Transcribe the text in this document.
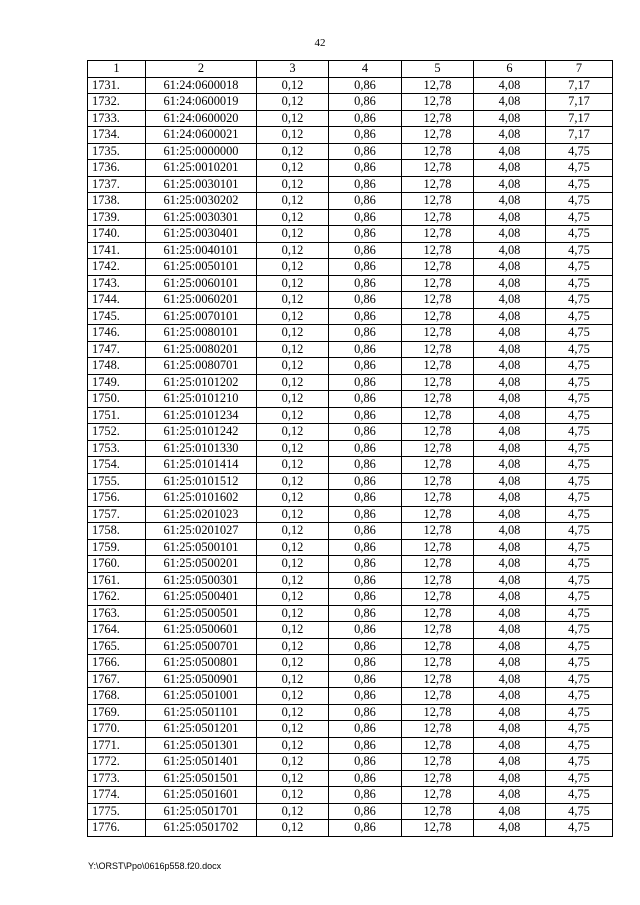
42
1	2	3	4	5	6	7
1731.	61:24:0600018	0,12	0,86	12,78	4,08	7,17
1732.	61:24:0600019	0,12	0,86	12,78	4,08	7,17
1733.	61:24:0600020	0,12	0,86	12,78	4,08	7,17
1734.	61:24:0600021	0,12	0,86	12,78	4,08	7,17
1735.	61:25:0000000	0,12	0,86	12,78	4,08	4,75
1736.	61:25:0010201	0,12	0,86	12,78	4,08	4,75
1737.	61:25:0030101	0,12	0,86	12,78	4,08	4,75
1738.	61:25:0030202	0,12	0,86	12,78	4,08	4,75
1739.	61:25:0030301	0,12	0,86	12,78	4,08	4,75
1740.	61:25:0030401	0,12	0,86	12,78	4,08	4,75
1741.	61:25:0040101	0,12	0,86	12,78	4,08	4,75
1742.	61:25:0050101	0,12	0,86	12,78	4,08	4,75
1743.	61:25:0060101	0,12	0,86	12,78	4,08	4,75
1744.	61:25:0060201	0,12	0,86	12,78	4,08	4,75
1745.	61:25:0070101	0,12	0,86	12,78	4,08	4,75
1746.	61:25:0080101	0,12	0,86	12,78	4,08	4,75
1747.	61:25:0080201	0,12	0,86	12,78	4,08	4,75
1748.	61:25:0080701	0,12	0,86	12,78	4,08	4,75
1749.	61:25:0101202	0,12	0,86	12,78	4,08	4,75
1750.	61:25:0101210	0,12	0,86	12,78	4,08	4,75
1751.	61:25:0101234	0,12	0,86	12,78	4,08	4,75
1752.	61:25:0101242	0,12	0,86	12,78	4,08	4,75
1753.	61:25:0101330	0,12	0,86	12,78	4,08	4,75
1754.	61:25:0101414	0,12	0,86	12,78	4,08	4,75
1755.	61:25:0101512	0,12	0,86	12,78	4,08	4,75
1756.	61:25:0101602	0,12	0,86	12,78	4,08	4,75
1757.	61:25:0201023	0,12	0,86	12,78	4,08	4,75
1758.	61:25:0201027	0,12	0,86	12,78	4,08	4,75
1759.	61:25:0500101	0,12	0,86	12,78	4,08	4,75
1760.	61:25:0500201	0,12	0,86	12,78	4,08	4,75
1761.	61:25:0500301	0,12	0,86	12,78	4,08	4,75
1762.	61:25:0500401	0,12	0,86	12,78	4,08	4,75
1763.	61:25:0500501	0,12	0,86	12,78	4,08	4,75
1764.	61:25:0500601	0,12	0,86	12,78	4,08	4,75
1765.	61:25:0500701	0,12	0,86	12,78	4,08	4,75
1766.	61:25:0500801	0,12	0,86	12,78	4,08	4,75
1767.	61:25:0500901	0,12	0,86	12,78	4,08	4,75
1768.	61:25:0501001	0,12	0,86	12,78	4,08	4,75
1769.	61:25:0501101	0,12	0,86	12,78	4,08	4,75
1770.	61:25:0501201	0,12	0,86	12,78	4,08	4,75
1771.	61:25:0501301	0,12	0,86	12,78	4,08	4,75
1772.	61:25:0501401	0,12	0,86	12,78	4,08	4,75
1773.	61:25:0501501	0,12	0,86	12,78	4,08	4,75
1774.	61:25:0501601	0,12	0,86	12,78	4,08	4,75
1775.	61:25:0501701	0,12	0,86	12,78	4,08	4,75
1776.	61:25:0501702	0,12	0,86	12,78	4,08	4,75
Y:\ORST\Ppo\0616p558.f20.docx
